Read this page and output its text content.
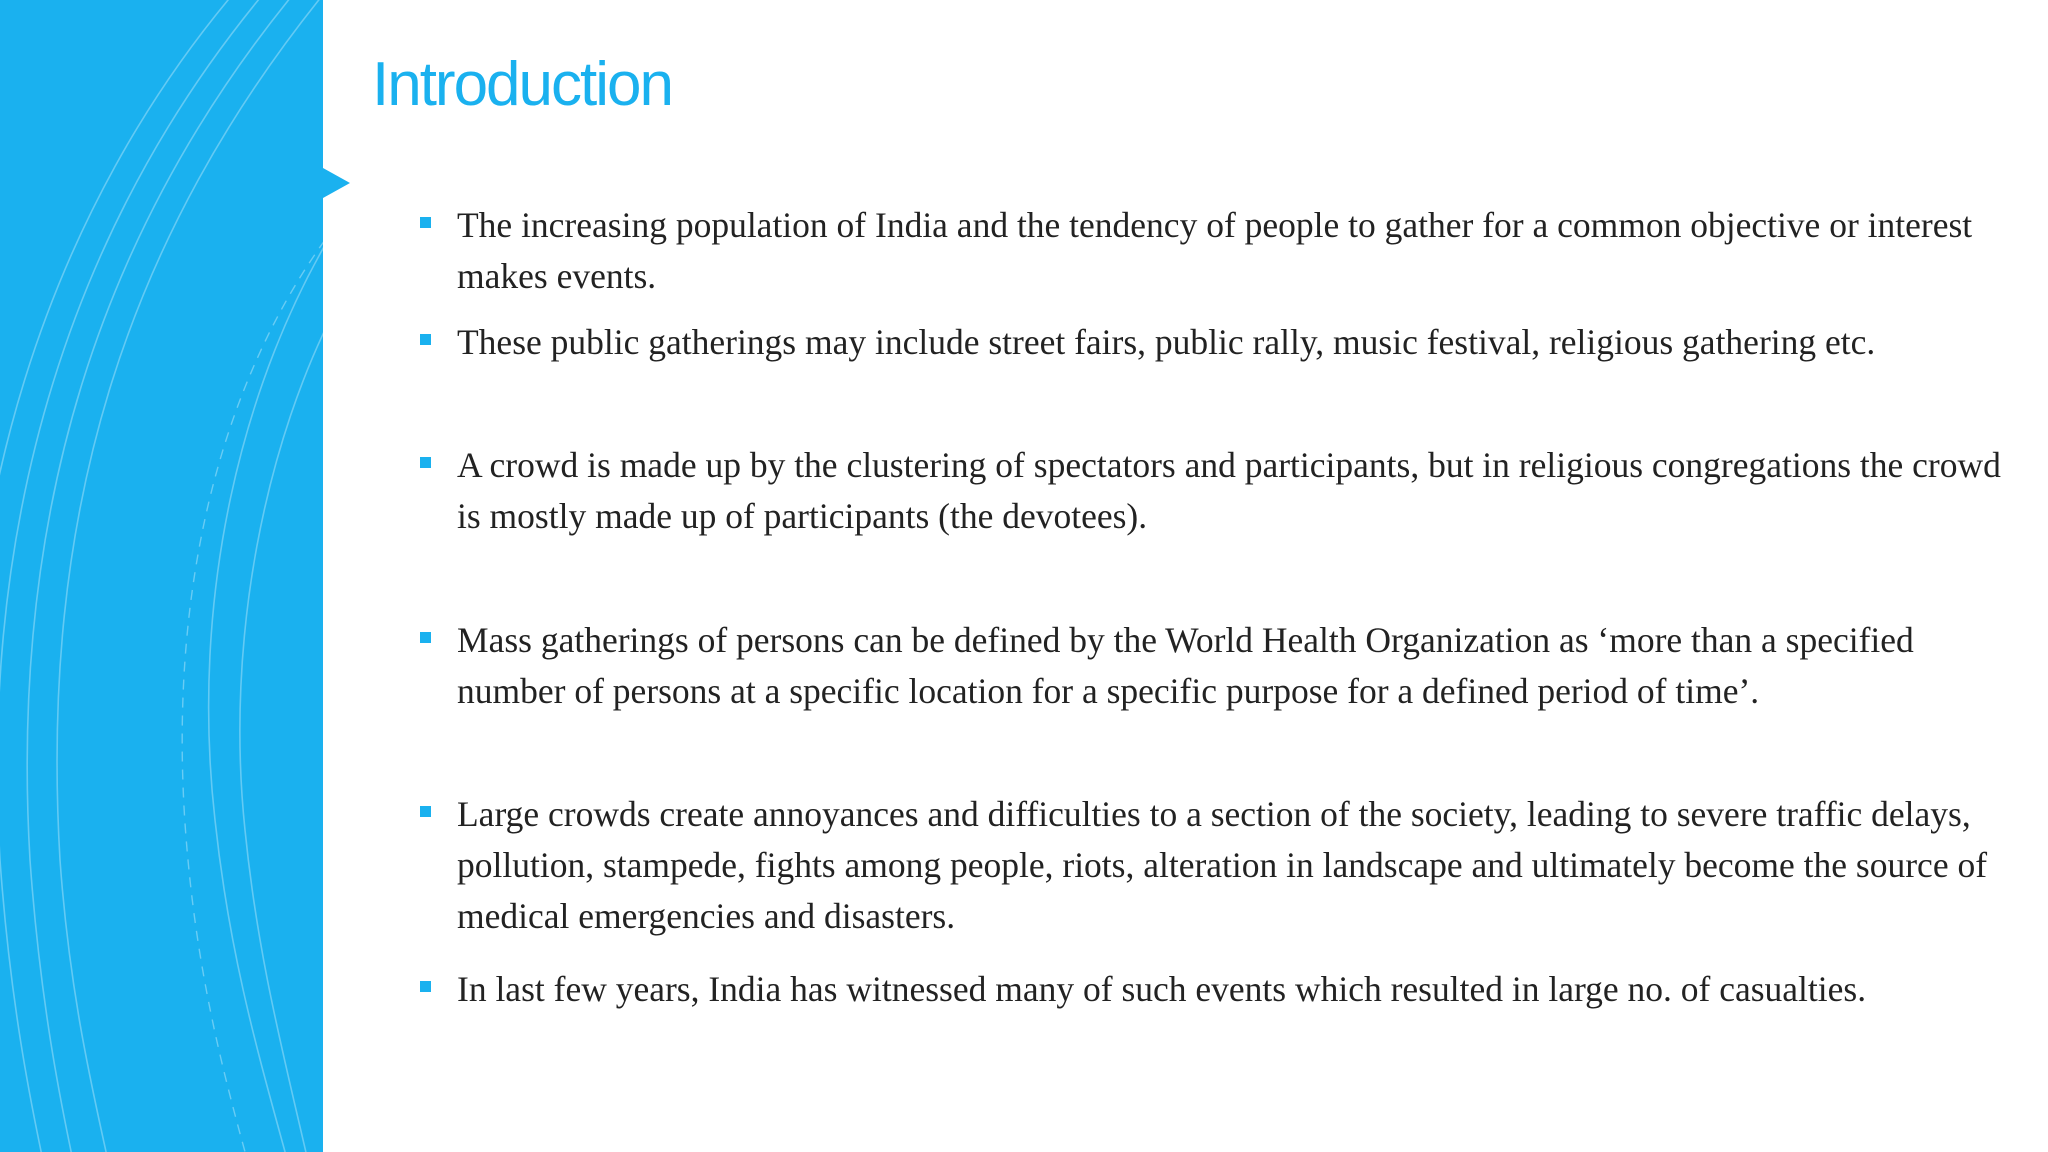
Introduction
The increasing population of India and the tendency of people to gather for a common objective or interest makes events.
These public gatherings may include street fairs, public rally, music festival, religious gathering etc.
A crowd is made up by the clustering of spectators and participants, but in religious congregations the crowd is mostly made up of participants (the devotees).
Mass gatherings of persons can be defined by the World Health Organization as ‘more than a specified number of persons at a specific location for a specific purpose for a defined period of time’.
Large crowds create annoyances and difficulties to a section of the society, leading to severe traffic delays, pollution, stampede, fights among people, riots, alteration in landscape and ultimately become the source of medical emergencies and disasters.
In last few years, India has witnessed many of such events which resulted in large no. of casualties.
